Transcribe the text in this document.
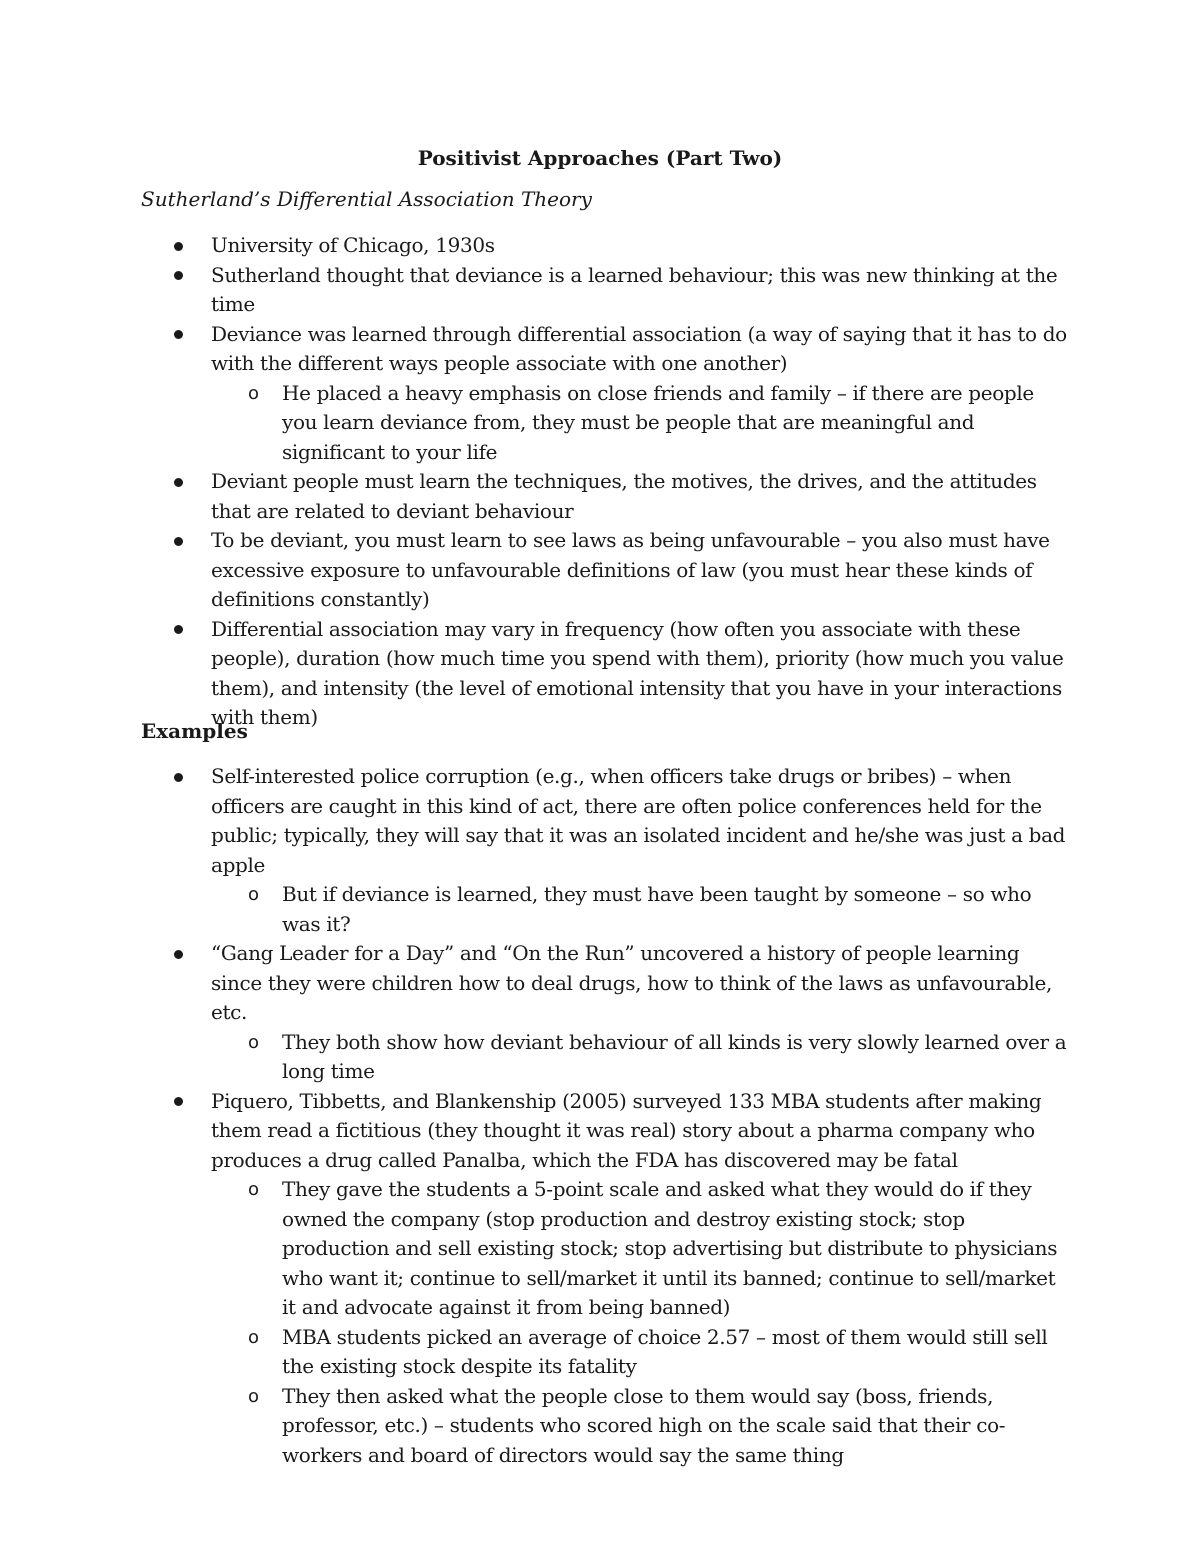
Positivist Approaches (Part Two)
Sutherland’s Differential Association Theory
University of Chicago, 1930s
Sutherland thought that deviance is a learned behaviour; this was new thinking at the time
Deviance was learned through differential association (a way of saying that it has to do with the different ways people associate with one another)
o He placed a heavy emphasis on close friends and family – if there are people you learn deviance from, they must be people that are meaningful and significant to your life
Deviant people must learn the techniques, the motives, the drives, and the attitudes that are related to deviant behaviour
To be deviant, you must learn to see laws as being unfavourable – you also must have excessive exposure to unfavourable definitions of law (you must hear these kinds of definitions constantly)
Differential association may vary in frequency (how often you associate with these people), duration (how much time you spend with them), priority (how much you value them), and intensity (the level of emotional intensity that you have in your interactions with them)
Examples
Self-interested police corruption (e.g., when officers take drugs or bribes) – when officers are caught in this kind of act, there are often police conferences held for the public; typically, they will say that it was an isolated incident and he/she was just a bad apple
o But if deviance is learned, they must have been taught by someone – so who was it?
“Gang Leader for a Day” and “On the Run” uncovered a history of people learning since they were children how to deal drugs, how to think of the laws as unfavourable, etc.
o They both show how deviant behaviour of all kinds is very slowly learned over a long time
Piquero, Tibbetts, and Blankenship (2005) surveyed 133 MBA students after making them read a fictitious (they thought it was real) story about a pharma company who produces a drug called Panalba, which the FDA has discovered may be fatal
o They gave the students a 5-point scale and asked what they would do if they owned the company (stop production and destroy existing stock; stop production and sell existing stock; stop advertising but distribute to physicians who want it; continue to sell/market it until its banned; continue to sell/market it and advocate against it from being banned)
o MBA students picked an average of choice 2.57 – most of them would still sell the existing stock despite its fatality
o They then asked what the people close to them would say (boss, friends, professor, etc.) – students who scored high on the scale said that their co-workers and board of directors would say the same thing
